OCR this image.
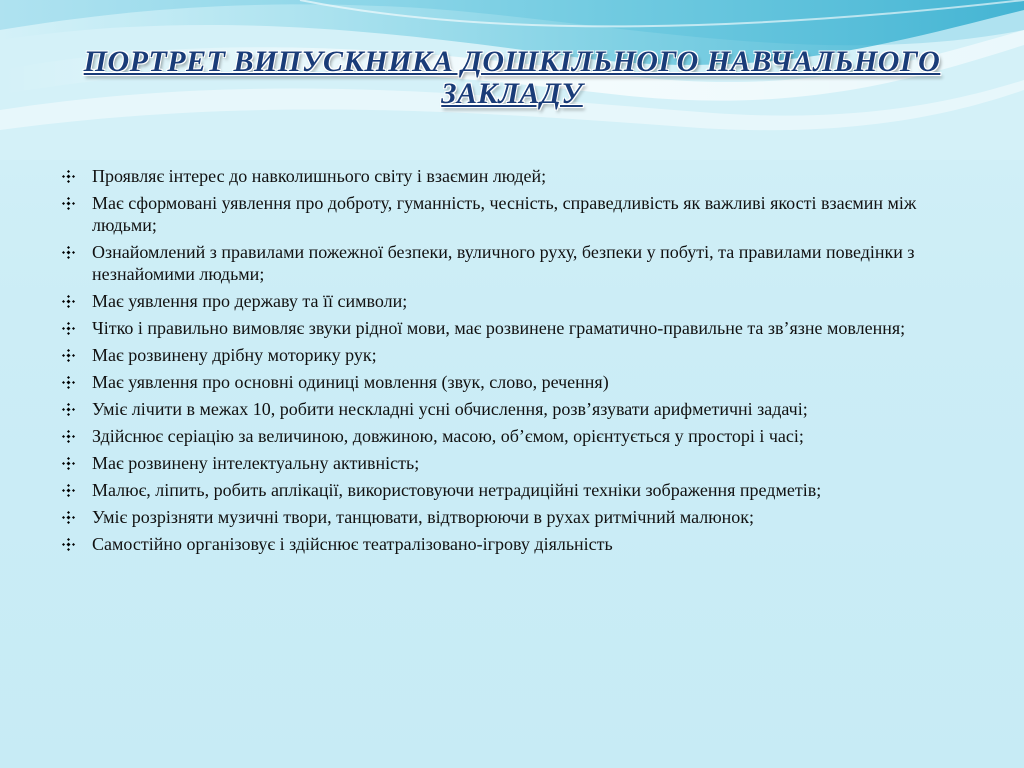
ПОРТРЕТ ВИПУСКНИКА ДОШКІЛЬНОГО НАВЧАЛЬНОГО
ЗАКЛАДУ
Проявляє інтерес до навколишнього світу і взаємин людей;
Має сформовані уявлення про доброту, гуманність, чесність, справедливість як важливі якості взаємин між людьми;
Ознайомлений з правилами пожежної безпеки, вуличного руху, безпеки у побуті, та правилами поведінки з незнайомими людьми;
Має уявлення про державу та її символи;
Чітко і правильно вимовляє звуки рідної мови, має розвинене граматично-правильне та зв’язне мовлення;
Має розвинену дрібну моторику рук;
Має уявлення про основні одиниці мовлення (звук, слово, речення)
Уміє лічити в межах 10, робити нескладні усні обчислення, розв’язувати арифметичні задачі;
Здійснює серіацію за величиною, довжиною, масою, об’ємом, орієнтується у просторі і часі;
Має розвинену інтелектуальну активність;
Малює, ліпить, робить аплікації, використовуючи нетрадиційні техніки зображення предметів;
Уміє розрізняти музичні твори, танцювати, відтворюючи в рухах ритмічний малюнок;
Самостійно організовує і здійснює театралізовано-ігрову діяльність
